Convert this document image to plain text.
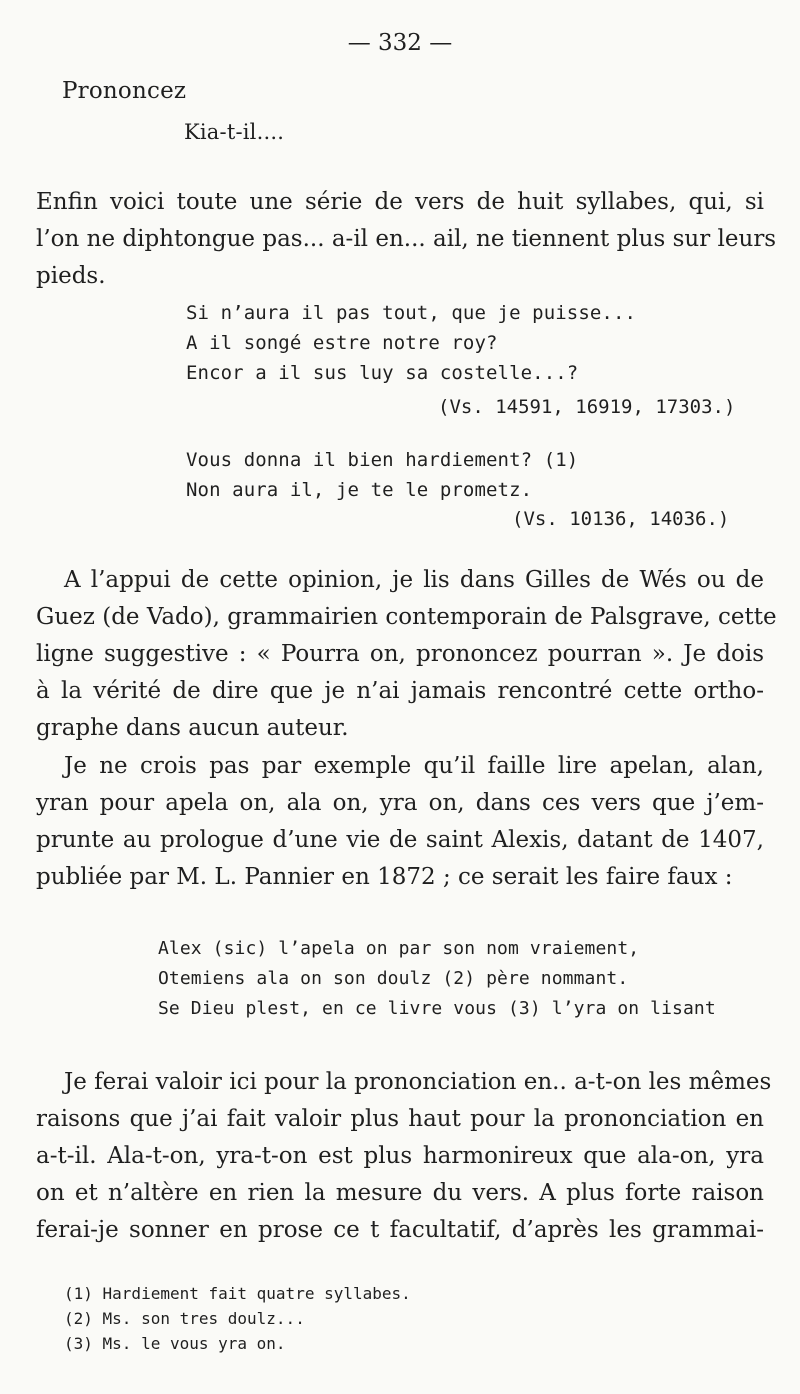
— 332 —
Prononcez
Kia-t-il....
Enfin voici toute une série de vers de huit syllabes, qui, si
l’on ne diphtongue pas... a-il en... ail, ne tiennent plus sur leurs
pieds.
Si n’aura il pas tout, que je puisse...
A il songé estre notre roy?
Encor a il sus luy sa costelle...?
(Vs. 14591, 16919, 17303.)
Vous donna il bien hardiement? (1)
Non aura il, je te le prometz.
(Vs. 10136, 14036.)
A l’appui de cette opinion, je lis dans Gilles de Wés ou de
Guez (de Vado), grammairien contemporain de Palsgrave, cette
ligne suggestive : « Pourra on, prononcez pourran ». Je dois
à la vérité de dire que je n’ai jamais rencontré cette ortho-
graphe dans aucun auteur.
Je ne crois pas par exemple qu’il faille lire apelan, alan,
yran pour apela on, ala on, yra on, dans ces vers que j’em-
prunte au prologue d’une vie de saint Alexis, datant de 1407,
publiée par M. L. Pannier en 1872 ; ce serait les faire faux :
Alex (sic) l’apela on par son nom vraiement,
Otemiens ala on son doulz (2) père nommant.
Se Dieu plest, en ce livre vous (3) l’yra on lisant
Je ferai valoir ici pour la prononciation en.. a-t-on les mêmes
raisons que j’ai fait valoir plus haut pour la prononciation en
a-t-il. Ala-t-on, yra-t-on est plus harmonireux que ala-on, yra
on et n’altère en rien la mesure du vers. A plus forte raison
ferai-je sonner en prose ce t facultatif, d’après les grammai-
(1) Hardiement fait quatre syllabes.
(2) Ms. son tres doulz...
(3) Ms. le vous yra on.
